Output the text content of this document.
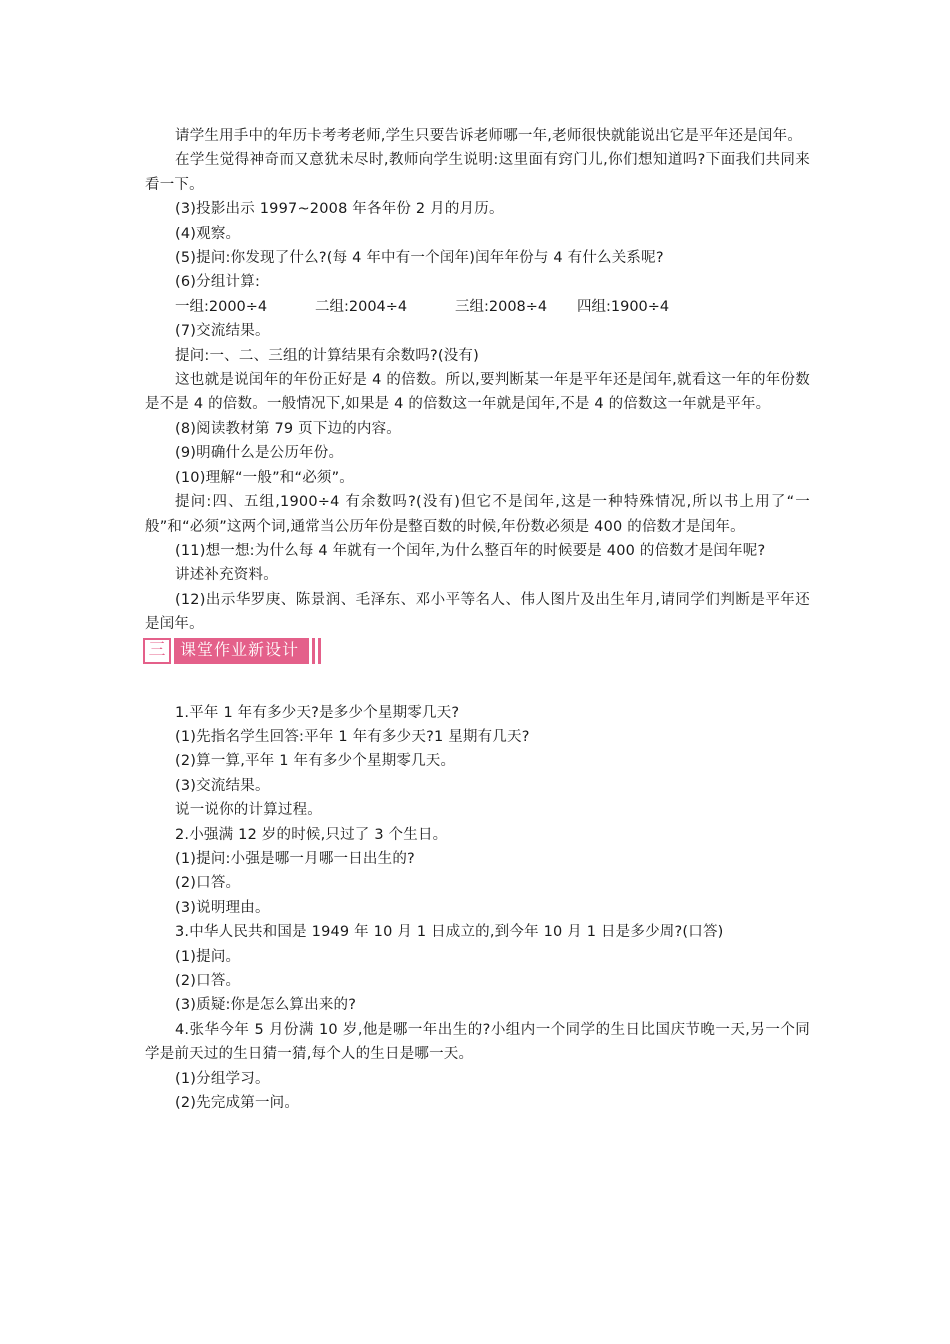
请学生用手中的年历卡考考老师,学生只要告诉老师哪一年,老师很快就能说出它是平年还是闰年。

在学生觉得神奇而又意犹未尽时,教师向学生说明:这里面有窍门儿,你们想知道吗?下面我们共同来看一下。

(3)投影出示 1997~2008 年各年份 2 月的月历。

(4)观察。

(5)提问:你发现了什么?(每 4 年中有一个闰年)闰年年份与 4 有什么关系呢?

(6)分组计算:

一组:2000÷4	二组:2004÷4	三组:2008÷4	四组:1900÷4

(7)交流结果。

提问:一、二、三组的计算结果有余数吗?(没有)

这也就是说闰年的年份正好是 4 的倍数。所以,要判断某一年是平年还是闰年,就看这一年的年份数是不是 4 的倍数。一般情况下,如果是 4 的倍数这一年就是闰年,不是 4 的倍数这一年就是平年。

(8)阅读教材第 79 页下边的内容。

(9)明确什么是公历年份。

(10)理解“一般”和“必须”。

提问:四、五组,1900÷4 有余数吗?(没有)但它不是闰年,这是一种特殊情况,所以书上用了“一般”和“必须”这两个词,通常当公历年份是整百数的时候,年份数必须是 400 的倍数才是闰年。

(11)想一想:为什么每 4 年就有一个闰年,为什么整百年的时候要是 400 的倍数才是闰年呢?

讲述补充资料。

(12)出示华罗庚、陈景润、毛泽东、邓小平等名人、伟人图片及出生年月,请同学们判断是平年还是闰年。

三 课堂作业新设计

1.平年 1 年有多少天?是多少个星期零几天?

(1)先指名学生回答:平年 1 年有多少天?1 星期有几天?

(2)算一算,平年 1 年有多少个星期零几天。

(3)交流结果。

说一说你的计算过程。

2.小强满 12 岁的时候,只过了 3 个生日。

(1)提问:小强是哪一月哪一日出生的?

(2)口答。

(3)说明理由。

3.中华人民共和国是 1949 年 10 月 1 日成立的,到今年 10 月 1 日是多少周?(口答)

(1)提问。

(2)口答。

(3)质疑:你是怎么算出来的?

4.张华今年 5 月份满 10 岁,他是哪一年出生的?小组内一个同学的生日比国庆节晚一天,另一个同学是前天过的生日猜一猜,每个人的生日是哪一天。

(1)分组学习。

(2)先完成第一问。
